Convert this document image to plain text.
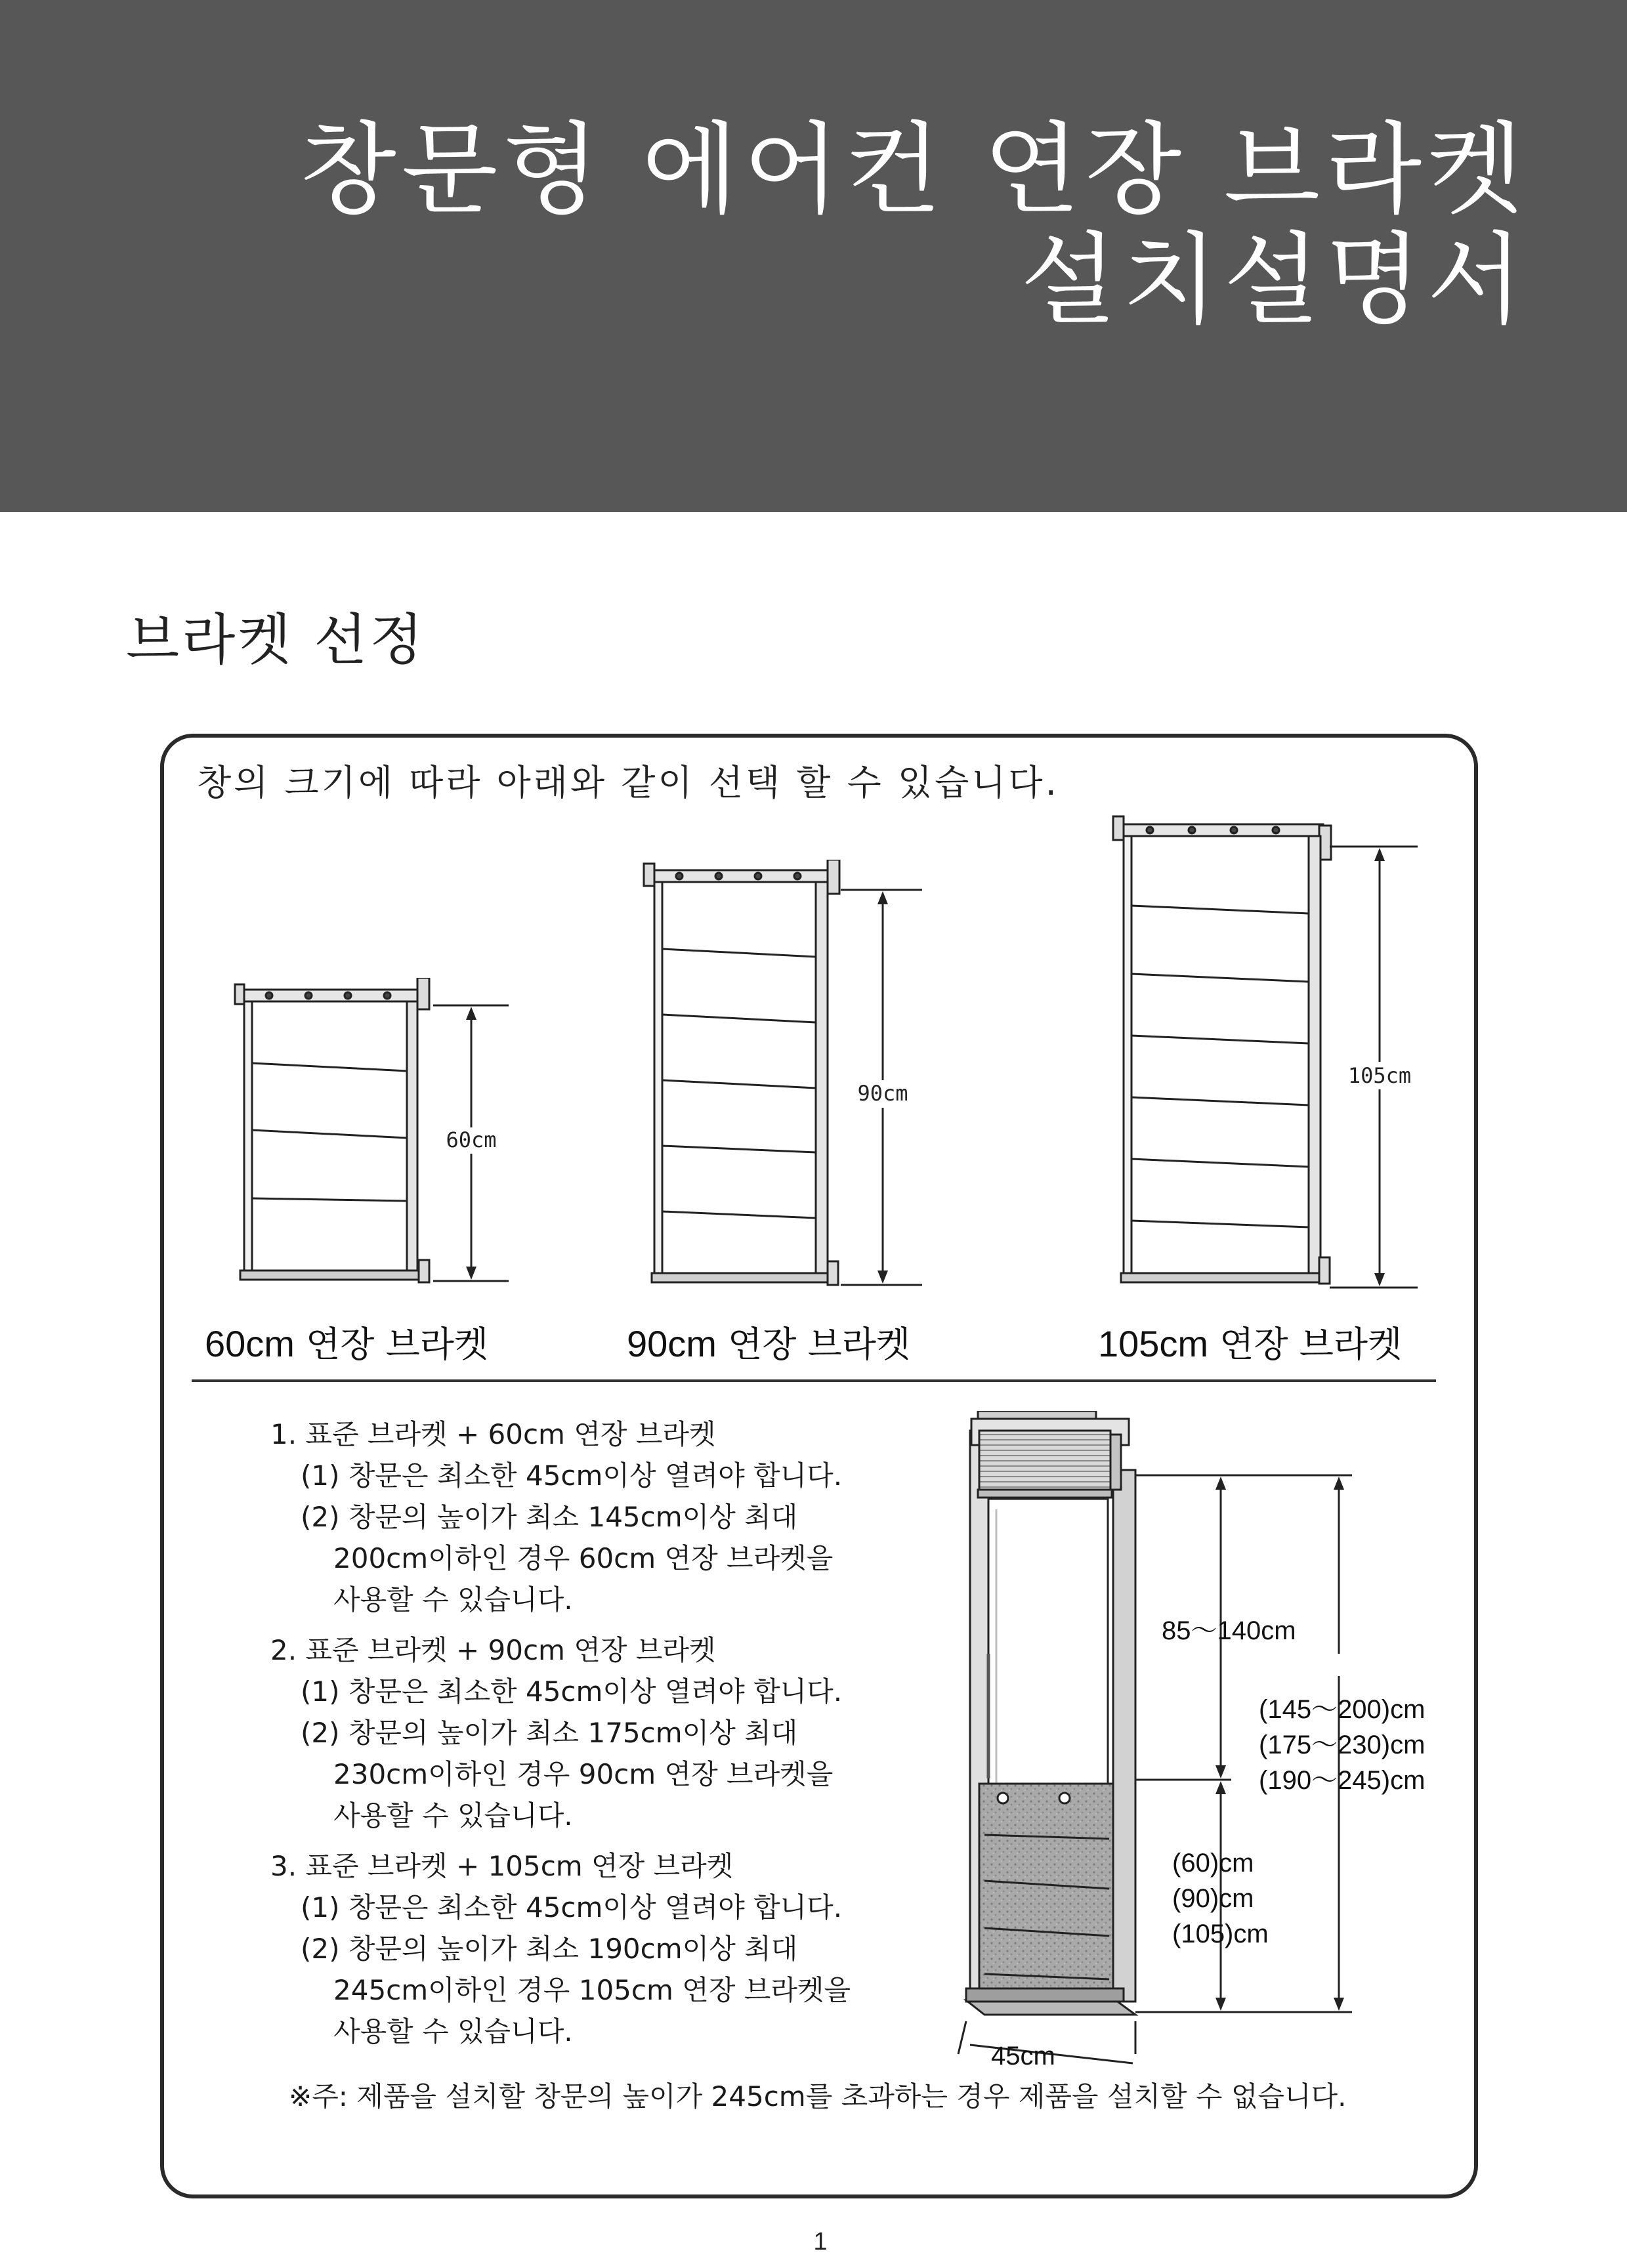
창문형 에어컨 연장 브라켓
설치설명서
브라켓 선정
창의 크기에 따라 아래와 같이 선택 할 수 있습니다.
60cm
90cm
105cm
60cm 연장 브라켓	90cm 연장 브라켓	105cm 연장 브라켓
1. 표준 브라켓 + 60cm 연장 브라켓
(1) 창문은 최소한 45cm이상 열려야 합니다.
(2) 창문의 높이가 최소 145cm이상 최대
200cm이하인 경우 60cm 연장 브라켓을
사용할 수 있습니다.
2. 표준 브라켓 + 90cm 연장 브라켓
(1) 창문은 최소한 45cm이상 열려야 합니다.
(2) 창문의 높이가 최소 175cm이상 최대
230cm이하인 경우 90cm 연장 브라켓을
사용할 수 있습니다.
3. 표준 브라켓 + 105cm 연장 브라켓
(1) 창문은 최소한 45cm이상 열려야 합니다.
(2) 창문의 높이가 최소 190cm이상 최대
245cm이하인 경우 105cm 연장 브라켓을
사용할 수 있습니다.
85～140cm
(145～200)cm
(175～230)cm
(190～245)cm
(60)cm
(90)cm
(105)cm
45cm
※주: 제품을 설치할 창문의 높이가 245cm를 초과하는 경우 제품을 설치할 수 없습니다.
1
